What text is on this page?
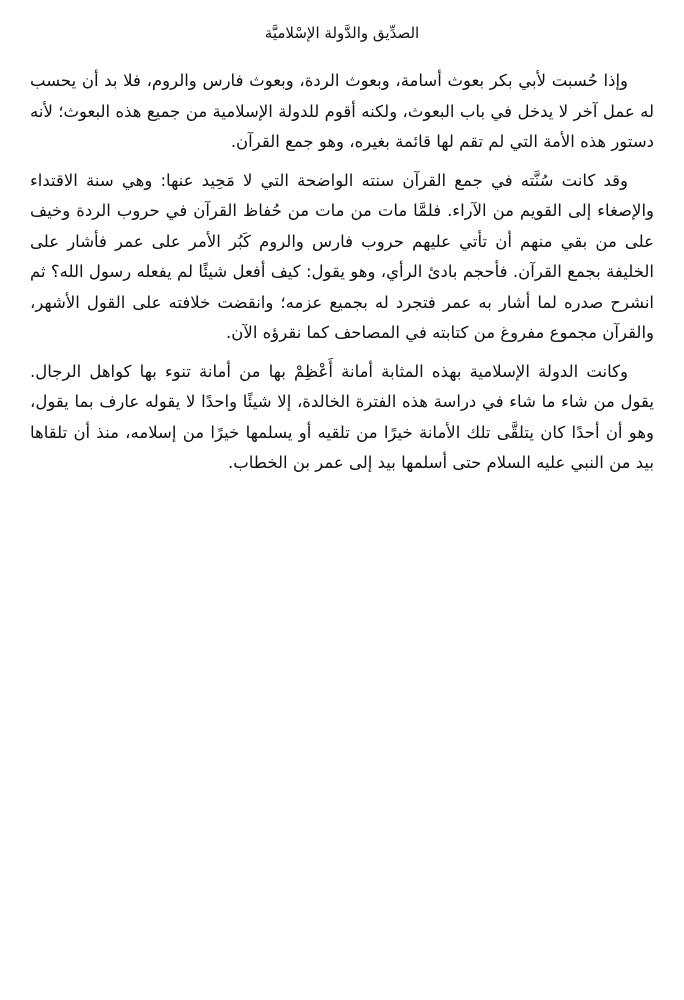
الصدِّيق والدَّولة الإسْلاميَّة

وإذا حُسبت لأبي بكر بعوث أسامة، وبعوث الردة، وبعوث فارس والروم، فلا بد أن يحسب له عمل آخر لا يدخل في باب البعوث، ولكنه أقوم للدولة الإسلامية من جميع هذه البعوث؛ لأنه دستور هذه الأمة التي لم تقم لها قائمة بغيره، وهو جمع القرآن.

وقد كانت سُنَّته في جمع القرآن سنته الواضحة التي لا مَحِيد عنها: وهي سنة الاقتداء والإصغاء إلى القويم من الآراء. فلمَّا مات من مات من حُفاظ القرآن في حروب الردة وخيف على من بقي منهم أن تأتي عليهم حروب فارس والروم كَبُر الأمر على عمر فأشار على الخليفة بجمع القرآن. فأحجم بادئ الرأي، وهو يقول: كيف أفعل شيئًا لم يفعله رسول الله؟ ثم انشرح صدره لما أشار به عمر فتجرد له بجميع عزمه؛ وانقضت خلافته على القول الأشهر، والقرآن مجموع مفروغ من كتابته في المصاحف كما نقرؤه الآن.

وكانت الدولة الإسلامية بهذه المثابة أمانة أَعْظِمْ بها من أمانة تنوء بها كواهل الرجال. يقول من شاء ما شاء في دراسة هذه الفترة الخالدة، إلا شيئًا واحدًا لا يقوله عارف بما يقول، وهو أن أحدًا كان يتلقَّى تلك الأمانة خيرًا من تلقيه أو يسلمها خيرًا من إسلامه، منذ أن تلقاها بيد من النبي عليه السلام حتى أسلمها بيد إلى عمر بن الخطاب.
